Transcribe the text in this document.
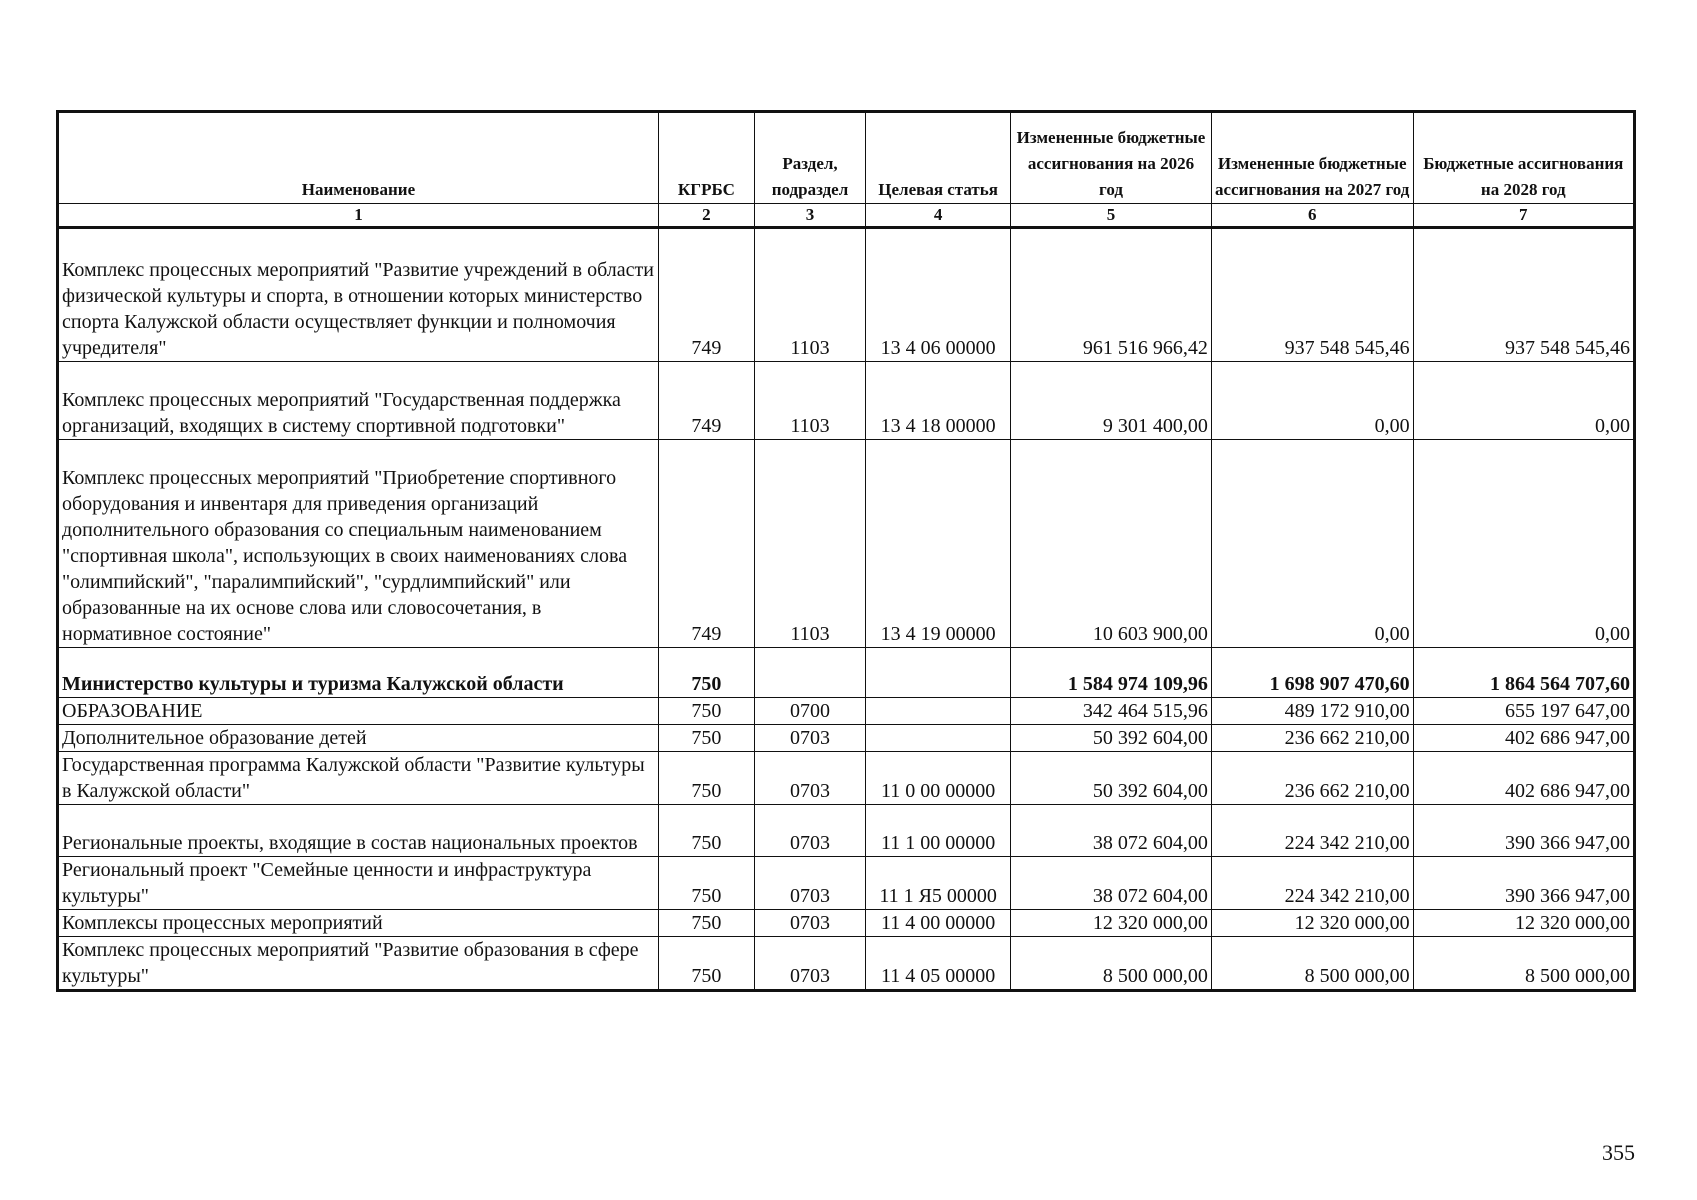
Наименование	КГРБС	Раздел, подраздел	Целевая статья	Измененные бюджетные ассигнования на 2026 год	Измененные бюджетные ассигнования на 2027 год	Бюджетные ассигнования на 2028 год
1	2	3	4	5	6	7
Комплекс процессных мероприятий "Развитие учреждений в области физической культуры и спорта, в отношении которых министерство спорта Калужской области осуществляет функции и полномочия учредителя"	749	1103	13 4 06 00000	961 516 966,42	937 548 545,46	937 548 545,46
Комплекс процессных мероприятий "Государственная поддержка организаций, входящих в систему спортивной подготовки"	749	1103	13 4 18 00000	9 301 400,00	0,00	0,00
Комплекс процессных мероприятий "Приобретение спортивного оборудования и инвентаря для приведения организаций дополнительного образования со специальным наименованием "спортивная школа", использующих в своих наименованиях слова "олимпийский", "паралимпийский", "сурдлимпийский" или образованные на их основе слова или словосочетания, в нормативное состояние"	749	1103	13 4 19 00000	10 603 900,00	0,00	0,00
Министерство культуры и туризма Калужской области	750			1 584 974 109,96	1 698 907 470,60	1 864 564 707,60
ОБРАЗОВАНИЕ	750	0700		342 464 515,96	489 172 910,00	655 197 647,00
Дополнительное образование детей	750	0703		50 392 604,00	236 662 210,00	402 686 947,00
Государственная программа Калужской области "Развитие культуры в Калужской области"	750	0703	11 0 00 00000	50 392 604,00	236 662 210,00	402 686 947,00
Региональные проекты, входящие в состав национальных проектов	750	0703	11 1 00 00000	38 072 604,00	224 342 210,00	390 366 947,00
Региональный проект "Семейные ценности и инфраструктура культуры"	750	0703	11 1 Я5 00000	38 072 604,00	224 342 210,00	390 366 947,00
Комплексы процессных мероприятий	750	0703	11 4 00 00000	12 320 000,00	12 320 000,00	12 320 000,00
Комплекс процессных мероприятий "Развитие образования в сфере культуры"	750	0703	11 4 05 00000	8 500 000,00	8 500 000,00	8 500 000,00
355
